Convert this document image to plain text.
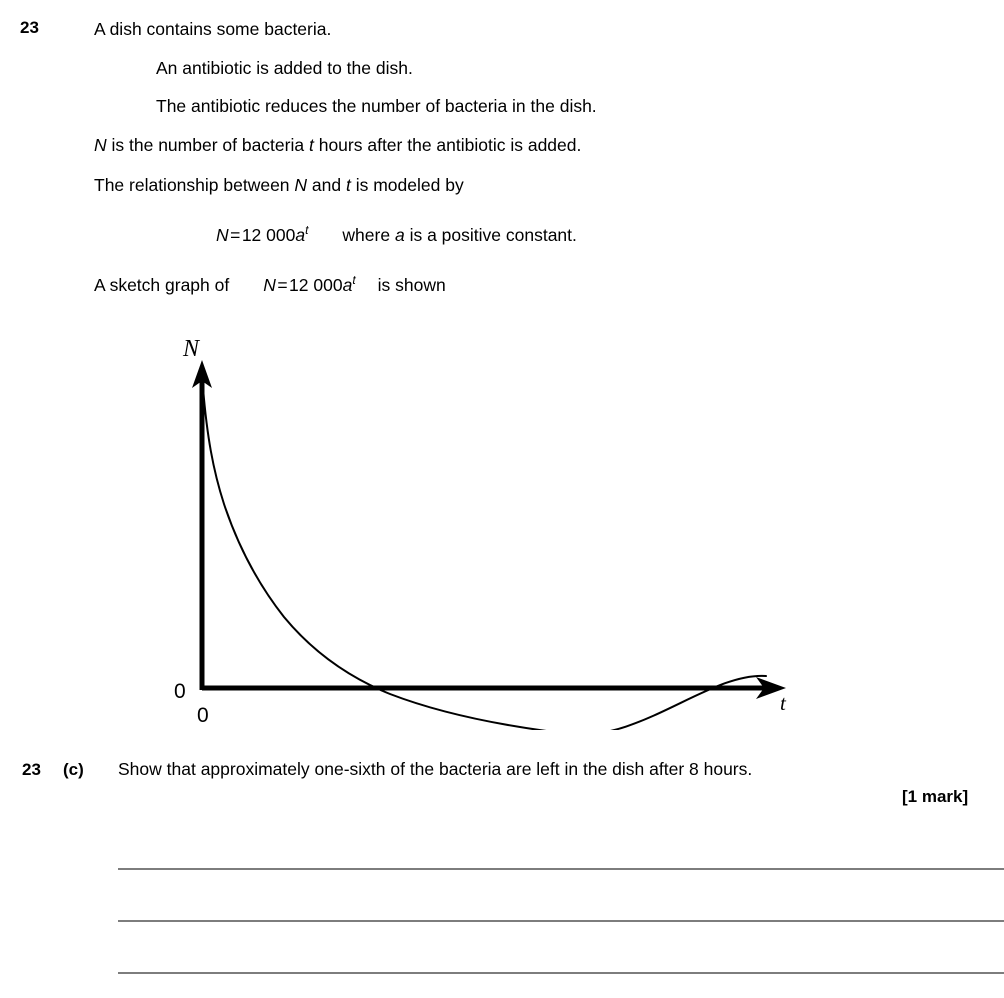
23	A dish contains some bacteria.
An antibiotic is added to the dish.
The antibiotic reduces the number of bacteria in the dish.
N is the number of bacteria t hours after the antibiotic is added.
The relationship between N and t is modeled by
N = 12 $000a^t$ where a is a positive constant.
A sketch graph of N = 12 $000a^t$ is shown
N
t
0
0
23 (c) Show that approximately one-sixth of the bacteria are left in the dish after 8 hours.
[1 mark]
